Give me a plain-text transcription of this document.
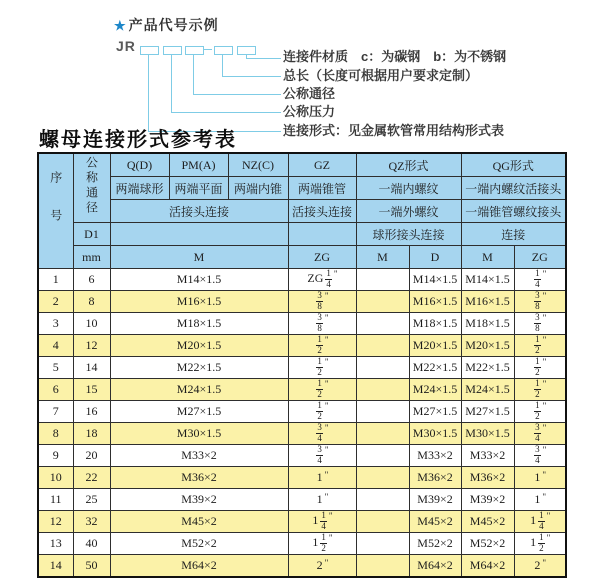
★ 产品代号示例
JR
连接件材质　c：为碳钢　b：为不锈钢
总长（长度可根据用户要求定制）
公称通径
公称压力
连接形式：见金属软管常用结构形式表
螺母连接形式参考表
序号	公称通径	Q(D)	PM(A)	NZ(C)	GZ	QZ形式		QG形式	
		两端球形	两端平面	两端内锥	两端锥管	一端内螺纹		一端内螺纹活接头	
		活接头连接			活接头连接	一端外螺纹		一端锥管螺纹接头	
	D1					球形接头连接		连接	
	mm	M			ZG	M	D	M	ZG
1	6	M14×1.5			ZG $\frac{1}{4} ^"$		M14×1.5	M14×1.5	$\frac{1}{4} ^"$
2	8	M16×1.5			$\frac{3}{8} ^"$		M16×1.5	M16×1.5	$\frac{3}{8} ^"$
3	10	M18×1.5			$\frac{3}{8} ^"$		M18×1.5	M18×1.5	$\frac{3}{8} ^"$
4	12	M20×1.5			$\frac{1}{2} ^"$		M20×1.5	M20×1.5	$\frac{1}{2} ^"$
5	14	M22×1.5			$\frac{1}{2} ^"$		M22×1.5	M22×1.5	$\frac{1}{2} ^"$
6	15	M24×1.5			$\frac{1}{2} ^"$		M24×1.5	M24×1.5	$\frac{1}{2} ^"$
7	16	M27×1.5			$\frac{1}{2} ^"$		M27×1.5	M27×1.5	$\frac{1}{2} ^"$
8	18	M30×1.5			$\frac{3}{4} ^"$		M30×1.5	M30×1.5	$\frac{3}{4} ^"$
9	20	M33×2			$\frac{3}{4} ^"$		M33×2	M33×2	$\frac{3}{4} ^"$
10	22	M36×2			1 "		M36×2	M36×2	1 "
11	25	M39×2			1 "		M39×2	M39×2	1 "
12	32	M45×2			$1 \frac{1}{4} ^"$		M45×2	M45×2	$1 \frac{1}{4} ^"$
13	40	M52×2			$1 \frac{1}{2} ^"$		M52×2	M52×2	$1 \frac{1}{2} ^"$
14	50	M64×2			2 "		M64×2	M64×2	2 "
